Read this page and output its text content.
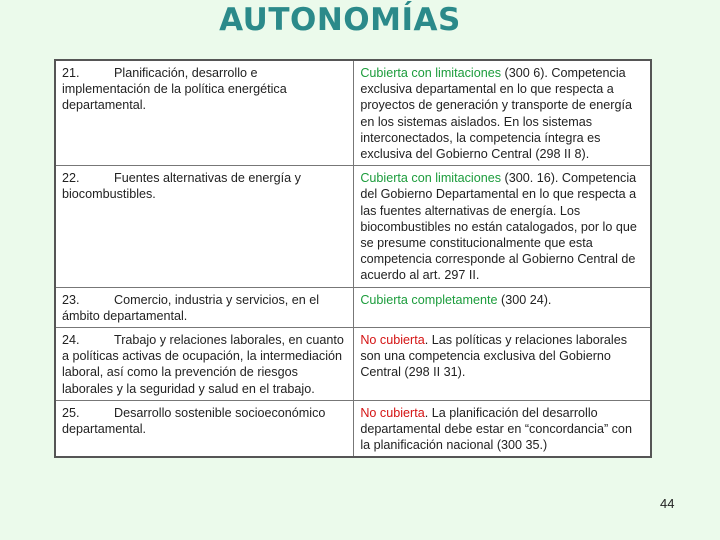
AUTONOMÍAS
21. Planificación, desarrollo e implementación de la política energética departamental.	Cubierta con limitaciones (300 6). Competencia exclusiva departamental en lo que respecta a proyectos de generación y transporte de energía en los sistemas aislados. En los sistemas interconectados, la competencia íntegra es exclusiva del Gobierno Central (298 II 8).
22. Fuentes alternativas de energía y biocombustibles.	Cubierta con limitaciones (300. 16). Competencia del Gobierno Departamental en lo que respecta a las fuentes alternativas de energía. Los biocombustibles no están catalogados, por lo que se presume constitucionalmente que esta competencia corresponde al Gobierno Central de acuerdo al art. 297 II.
23. Comercio, industria y servicios, en el ámbito departamental.	Cubierta completamente (300 24).
24. Trabajo y relaciones laborales, en cuanto a políticas activas de ocupación, la intermediación laboral, así como la prevención de riesgos laborales y la seguridad y salud en el trabajo.	No cubierta. Las políticas y relaciones laborales son una competencia exclusiva del Gobierno Central (298 II 31).
25. Desarrollo sostenible socioeconómico departamental.	No cubierta. La planificación del desarrollo departamental debe estar en “concordancia” con la planificación nacional (300 35.)
44
